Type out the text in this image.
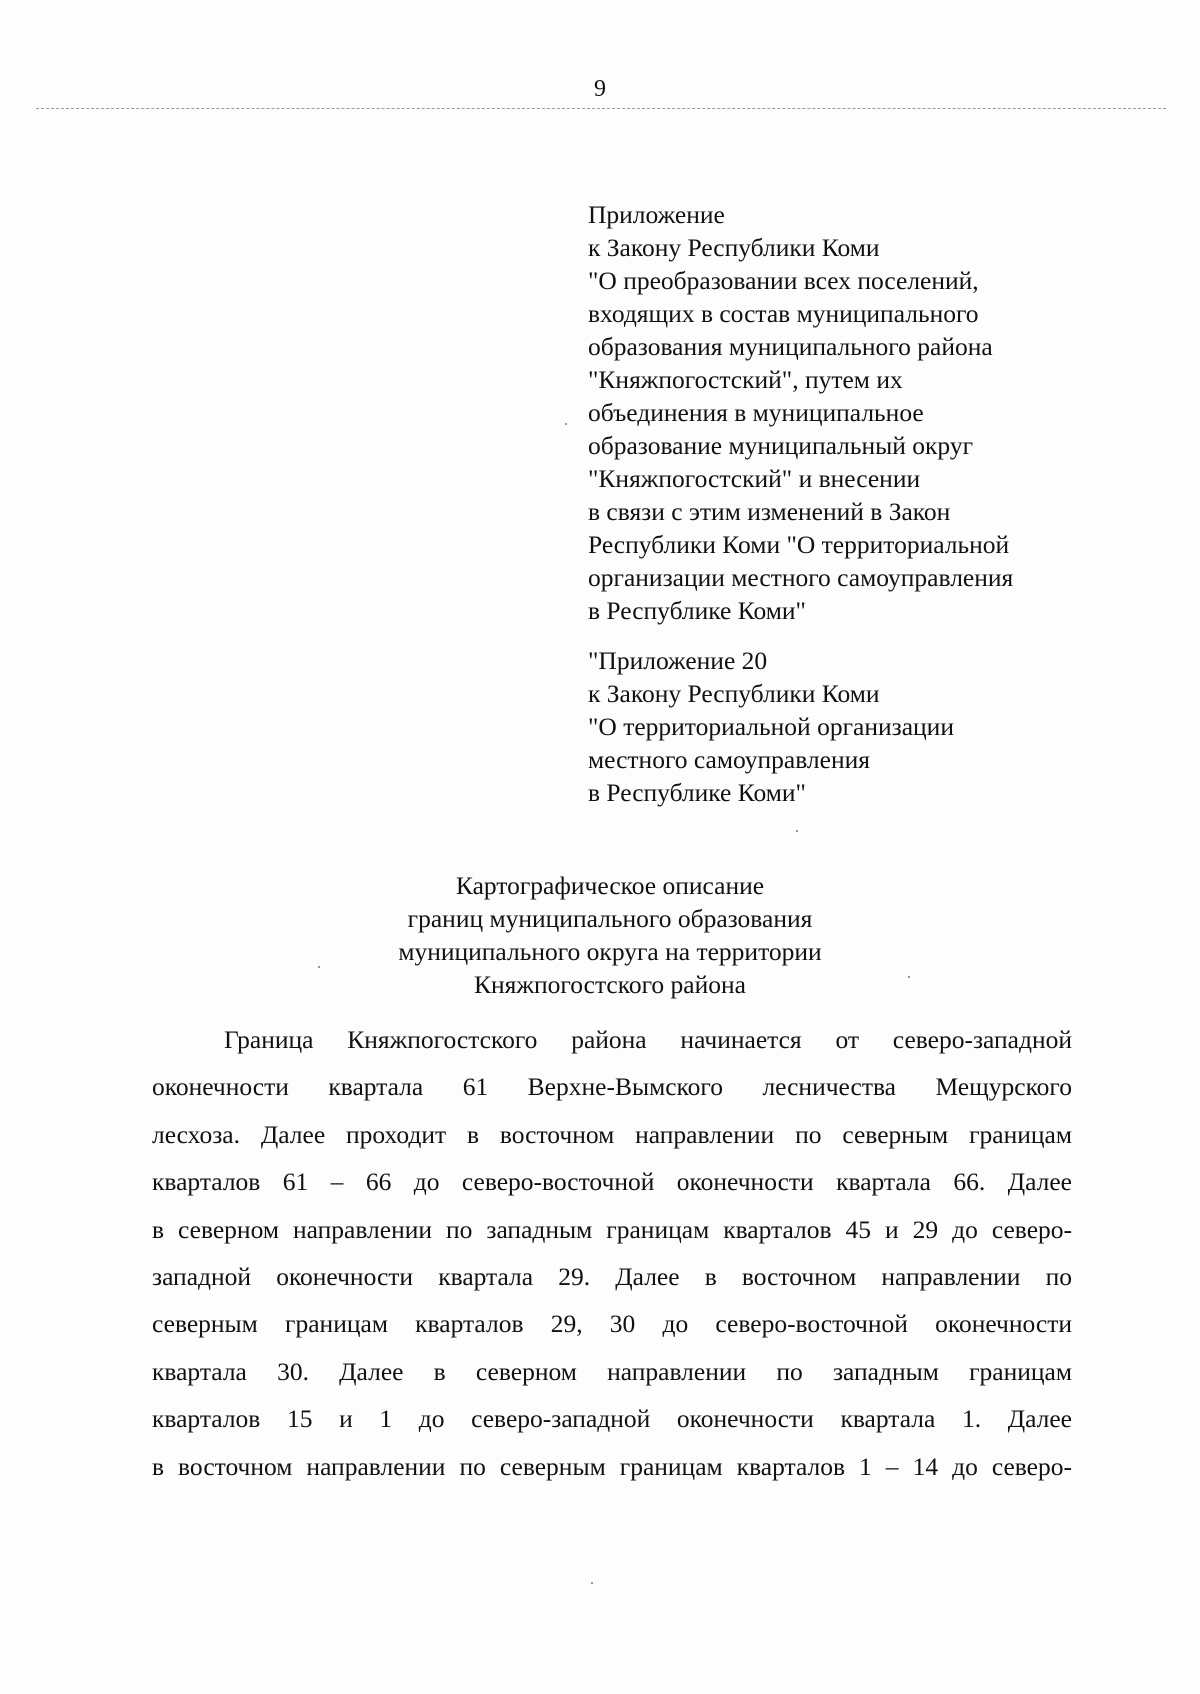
9
Приложение
к Закону Республики Коми
"О преобразовании всех поселений,
входящих в состав муниципального
образования муниципального района
"Княжпогостский", путем их
объединения в муниципальное
образование муниципальный округ
"Княжпогостский" и внесении
в связи с этим изменений в Закон
Республики Коми "О территориальной
организации местного самоуправления
в Республике Коми"
"Приложение 20
к Закону Республики Коми
"О территориальной организации
местного самоуправления
в Республике Коми"
Картографическое описание
границ муниципального образования
муниципального округа на территории
Княжпогостского района
Граница Княжпогостского района начинается от северо-западной
оконечности квартала 61 Верхне-Вымского лесничества Мещурского
лесхоза. Далее проходит в восточном направлении по северным границам
кварталов 61 – 66 до северо-восточной оконечности квартала 66. Далее
в северном направлении по западным границам кварталов 45 и 29 до северо-
западной оконечности квартала 29. Далее в восточном направлении по
северным границам кварталов 29, 30 до северо-восточной оконечности
квартала 30. Далее в северном направлении по западным границам
кварталов 15 и 1 до северо-западной оконечности квартала 1. Далее
в восточном направлении по северным границам кварталов 1 – 14 до северо-
